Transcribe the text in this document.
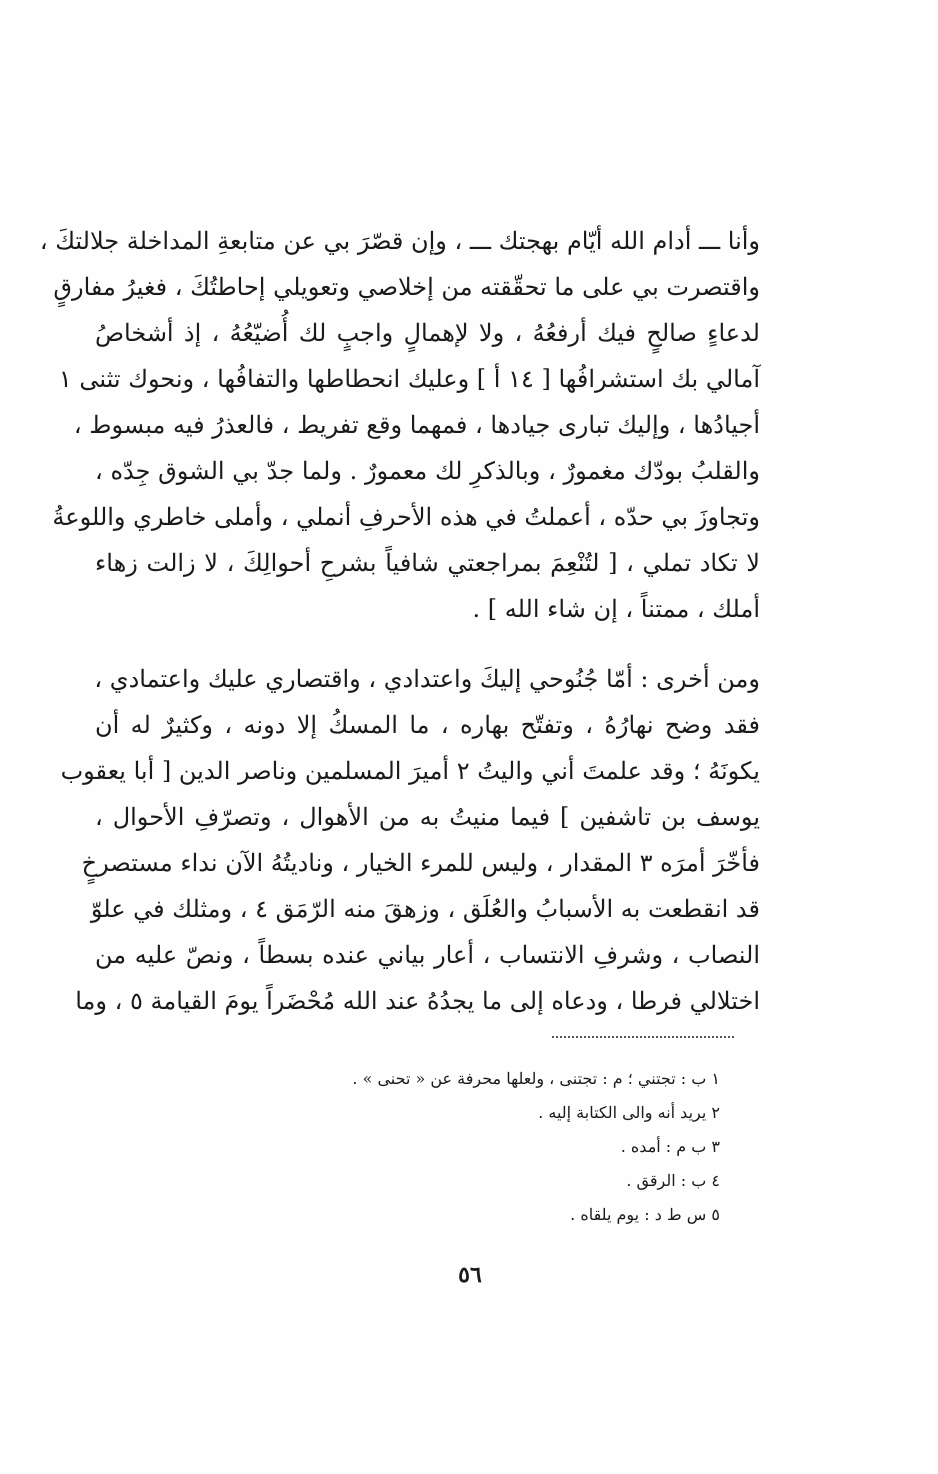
وأنا ـــ أدام الله أيّام بهجتك ـــ ، وإن قصّرَ بي عن متابعةِ المداخلة جلالتكَ ،
واقتصرت بي على ما تحقّقته من إخلاصي وتعويلي إحاطتُكَ ، فغيرُ مفارقٍ
لدعاءٍ صالحٍ فيك أرفعُهُ ، ولا لإهمالٍ واجبٍ لك أُضيّعُهُ ، إذ أشخاصُ
آمالي بك استشرافُها [ ١٤ أ ] وعليك انحطاطها والتفافُها ، ونحوك تثنى ١
أجيادُها ، وإليك تبارى جيادها ، فمهما وقع تفريط ، فالعذرُ فيه مبسوط ،
والقلبُ بودّك مغمورٌ ، وبالذكرِ لك معمورٌ . ولما جدّ بي الشوق جِدّه ،
وتجاوزَ بي حدّه ، أعملتُ في هذه الأحرفِ أنملي ، وأملى خاطري واللوعةُ
لا تكاد تملي ، [ لتُنْعِمَ بمراجعتي شافياً بشرحِ أحوالِكَ ، لا زالت زهاء
أملك ، ممتناً ، إن شاء الله ] .
ومن أخرى : أمّا جُنُوحي إليكَ واعتدادي ، واقتصاري عليك واعتمادي ،
فقد وضح نهارُهُ ، وتفتّح بهاره ، ما المسكُ إلا دونه ، وكثيرٌ له أن
يكونَهُ ؛ وقد علمتَ أني واليتُ ٢ أميرَ المسلمين وناصر الدين [ أبا يعقوب
يوسف بن تاشفين ] فيما منيتُ به من الأهوال ، وتصرّفِ الأحوال ،
فأخّرَ أمرَه ٣ المقدار ، وليس للمرء الخيار ، وناديتُهُ الآن نداء مستصرخٍ
قد انقطعت به الأسبابُ والعُلَق ، وزهقَ منه الرّمَق ٤ ، ومثلك في علوّ
النصاب ، وشرفِ الانتساب ، أعار بياني عنده بسطاً ، ونصّ عليه من
اختلالي فرطا ، ودعاه إلى ما يجدُهُ عند الله مُحْضَراً يومَ القيامة ٥ ، وما
١ ب : تجتني ؛ م : تجتنى ، ولعلها محرفة عن « تحنى » .
٢ يريد أنه والى الكتابة إليه .
٣ ب م : أمده .
٤ ب : الرقق .
٥ س ط د : يوم يلقاه .
٥٦
